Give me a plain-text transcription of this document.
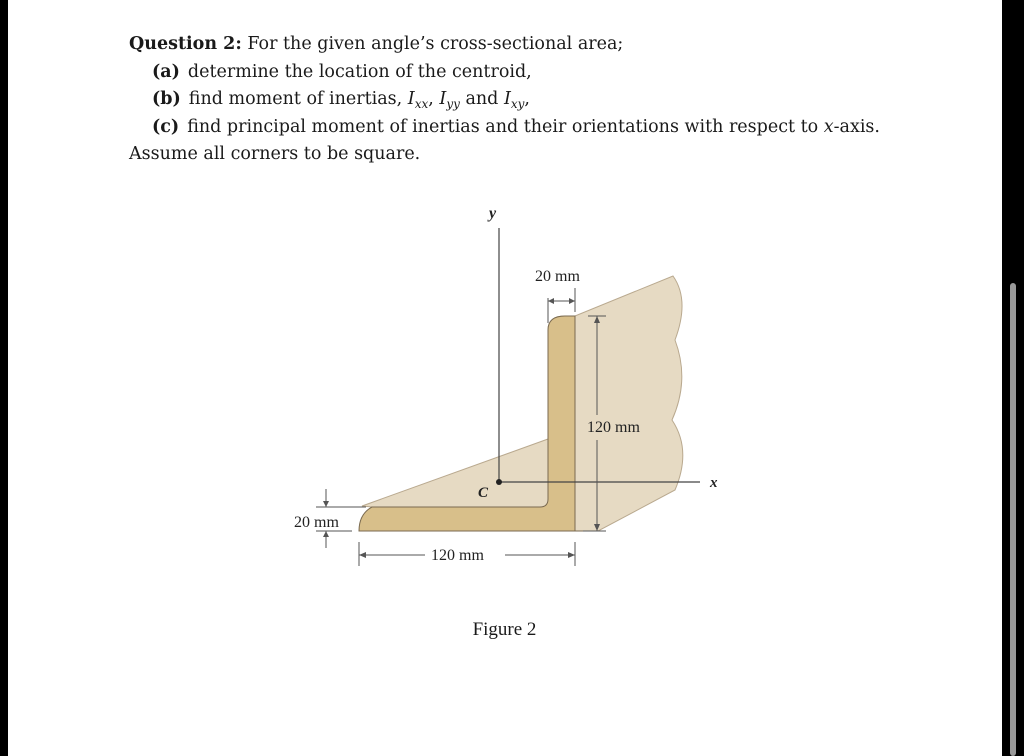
Question 2: For the given angle’s cross-sectional area;
(a) determine the location of the centroid,
(b) find moment of inertias, $I_{xx}$, $I_{yy}$ and $I_{xy}$,
(c) find principal moment of inertias and their orientations with respect to x-axis.
Assume all corners to be square.
y
x
C
20 mm
120 mm
20 mm
120 mm
Figure 2
